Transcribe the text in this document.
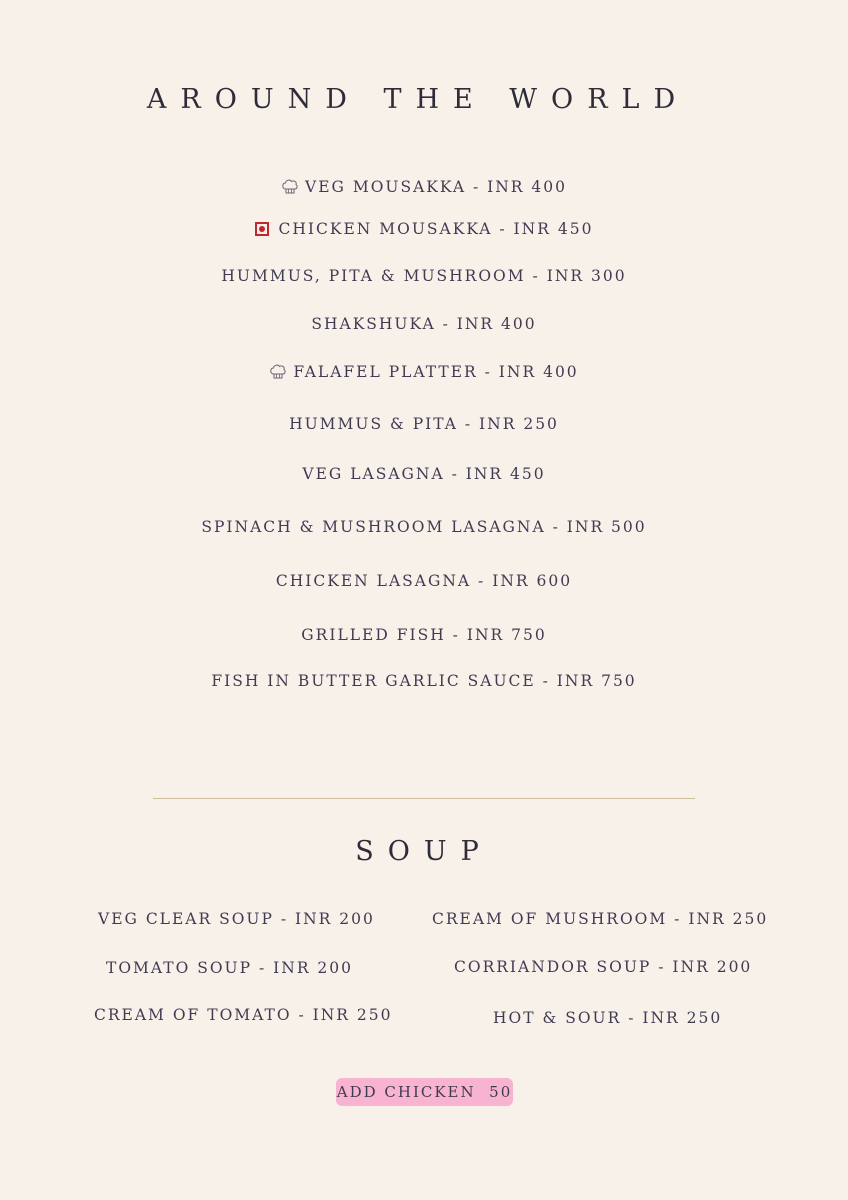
AROUND THE WORLD
VEG MOUSAKKA - INR 400
CHICKEN MOUSAKKA - INR 450
HUMMUS, PITA & MUSHROOM - INR 300
SHAKSHUKA - INR 400
FALAFEL PLATTER - INR 400
HUMMUS & PITA - INR 250
VEG LASAGNA - INR 450
SPINACH & MUSHROOM LASAGNA - INR 500
CHICKEN LASAGNA - INR 600
GRILLED FISH - INR 750
FISH IN BUTTER GARLIC SAUCE - INR 750
SOUP
VEG CLEAR SOUP - INR 200
TOMATO SOUP - INR 200
CREAM OF TOMATO - INR 250
CREAM OF MUSHROOM - INR 250
CORRIANDOR SOUP - INR 200
HOT & SOUR - INR 250
ADD CHICKEN  50
